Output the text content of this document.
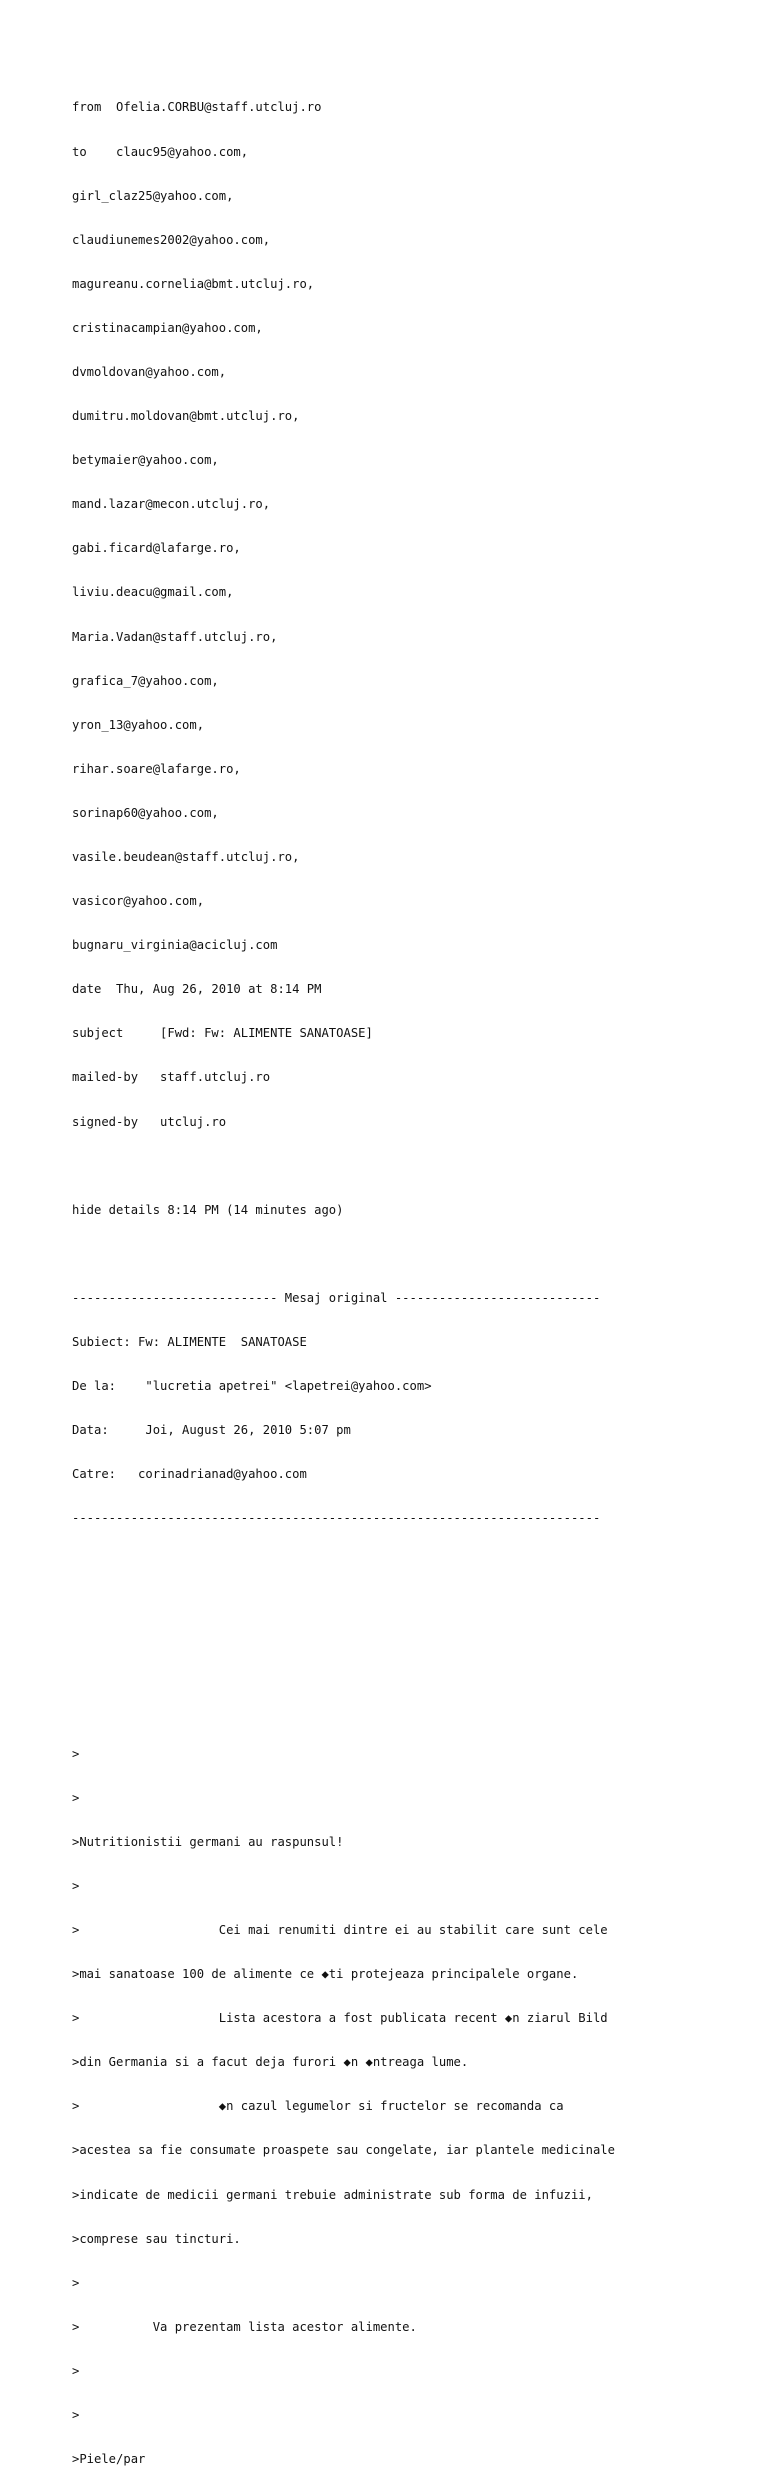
from  Ofelia.CORBU@staff.utcluj.ro

to    clauc95@yahoo.com,

girl_claz25@yahoo.com,

claudiunemes2002@yahoo.com,

magureanu.cornelia@bmt.utcluj.ro,

cristinacampian@yahoo.com,

dvmoldovan@yahoo.com,

dumitru.moldovan@bmt.utcluj.ro,

betymaier@yahoo.com,

mand.lazar@mecon.utcluj.ro,

gabi.ficard@lafarge.ro,

liviu.deacu@gmail.com,

Maria.Vadan@staff.utcluj.ro,

grafica_7@yahoo.com,

yron_13@yahoo.com,

rihar.soare@lafarge.ro,

sorinap60@yahoo.com,

vasile.beudean@staff.utcluj.ro,

vasicor@yahoo.com,

bugnaru_virginia@acicluj.com

date  Thu, Aug 26, 2010 at 8:14 PM

subject     [Fwd: Fw: ALIMENTE SANATOASE]

mailed-by   staff.utcluj.ro

signed-by   utcluj.ro

hide details 8:14 PM (14 minutes ago)

---------------------------- Mesaj original ----------------------------

Subiect: Fw: ALIMENTE  SANATOASE

De la:    "lucretia apetrei" <lapetrei@yahoo.com>

Data:     Joi, August 26, 2010 5:07 pm

Catre:   corinadrianad@yahoo.com

------------------------------------------------------------------------

>

>

>Nutritionistii germani au raspunsul!

>

>                   Cei mai renumiti dintre ei au stabilit care sunt cele

>mai sanatoase 100 de alimente ce ◆ti protejeaza principalele organe.

>                   Lista acestora a fost publicata recent ◆n ziarul Bild

>din Germania si a facut deja furori ◆n ◆ntreaga lume.

>                   ◆n cazul legumelor si fructelor se recomanda ca

>acestea sa fie consumate proaspete sau congelate, iar plantele medicinale

>indicate de medicii germani trebuie administrate sub forma de infuzii,

>comprese sau tincturi.

>

>          Va prezentam lista acestor alimente.

>

>

>Piele/par
